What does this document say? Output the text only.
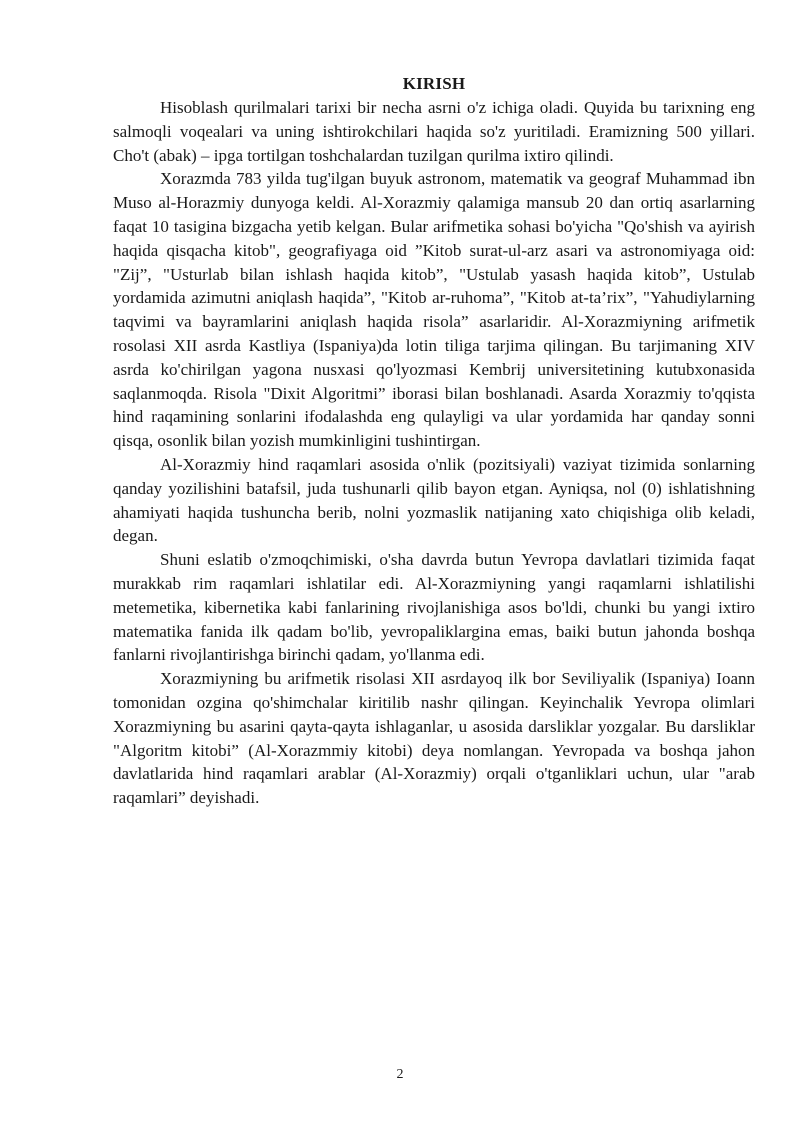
KIRISH

Hisoblash qurilmalari tarixi bir necha asrni o'z ichiga oladi. Quyida bu tarixning eng salmoqli voqealari va uning ishtirokchilari haqida so'z yuritiladi. Eramizning 500 yillari. Cho't (abak) – ipga tortilgan toshchalardan tuzilgan qurilma ixtiro qilindi.

Xorazmda 783 yilda tug'ilgan buyuk astronom, matematik va geograf Muhammad ibn Muso al-Horazmiy dunyoga keldi. Al-Xorazmiy qalamiga mansub 20 dan ortiq asarlarning faqat 10 tasigina bizgacha yetib kelgan. Bular arifmetika sohasi bo'yicha "Qo'shish va ayirish haqida qisqacha kitob", geografiyaga oid ”Kitob surat-ul-arz asari va astronomiyaga oid: "Zij”, "Usturlab bilan ishlash haqida kitob”, "Ustulab yasash haqida kitob”, Ustulab yordamida azimutni aniqlash haqida”, "Kitob ar-ruhoma”, "Kitob at-ta’rix”, "Yahudiylarning taqvimi va bayramlarini aniqlash haqida risola” asarlaridir. Al-Xorazmiyning arifmetik rosolasi XII asrda Kastliya (Ispaniya)da lotin tiliga tarjima qilingan. Bu tarjimaning XIV asrda ko'chirilgan yagona nusxasi qo'lyozmasi Kembrij universitetining kutubxonasida saqlanmoqda. Risola "Dixit Algoritmi” iborasi bilan boshlanadi. Asarda Xorazmiy to'qqista hind raqamining sonlarini ifodalashda eng qulayligi va ular yordamida har qanday sonni qisqa, osonlik bilan yozish mumkinligini tushintirgan.

Al-Xorazmiy hind raqamlari asosida o'nlik (pozitsiyali) vaziyat tizimida sonlarning qanday yozilishini batafsil, juda tushunarli qilib bayon etgan. Ayniqsa, nol (0) ishlatishning ahamiyati haqida tushuncha berib, nolni yozmaslik natijaning xato chiqishiga olib keladi, degan.

Shuni eslatib o'zmoqchimiski, o'sha davrda butun Yevropa davlatlari tizimida faqat murakkab rim raqamlari ishlatilar edi. Al-Xorazmiyning yangi raqamlarni ishlatilishi metemetika, kibernetika kabi fanlarining rivojlanishiga asos bo'ldi, chunki bu yangi ixtiro matematika fanida ilk qadam bo'lib, yevropaliklargina emas, baiki butun jahonda boshqa fanlarni rivojlantirishga birinchi qadam, yo'llanma edi.

Xorazmiyning bu arifmetik risolasi XII asrdayoq ilk bor Seviliyalik (Ispaniya) Ioann tomonidan ozgina qo'shimchalar kiritilib nashr qilingan. Keyinchalik Yevropa olimlari Xorazmiyning bu asarini qayta-qayta ishlaganlar, u asosida darsliklar yozgalar. Bu darsliklar "Algoritm kitobi” (Al-Xorazmmiy kitobi) deya nomlangan. Yevropada va boshqa jahon davlatlarida hind raqamlari arablar (Al-Xorazmiy) orqali o'tganliklari uchun, ular "arab raqamlari” deyishadi.

2
